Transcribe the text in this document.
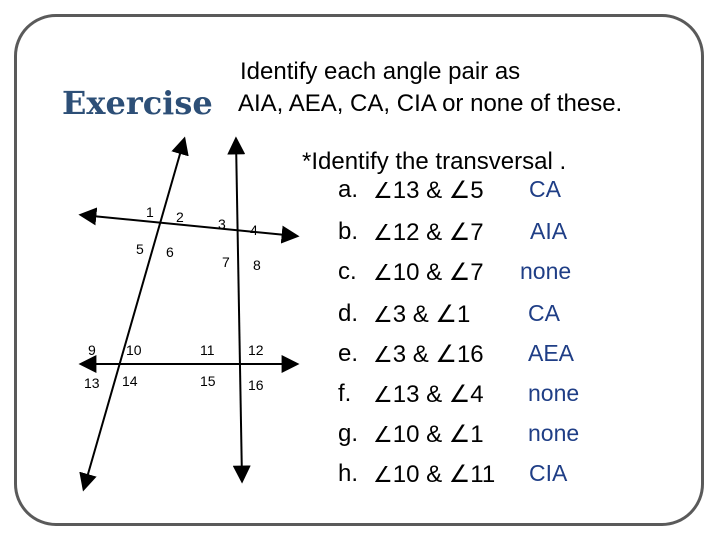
Exercise
Identify each angle pair as
AIA, AEA, CA, CIA or none of these.
*Identify the transversal .
1 2 3 4
5 6
7 8
9 10	11 12
13 14	15 16
a. ∠13 & ∠5 CA
b. ∠12 & ∠7 AIA
c. ∠10 & ∠7 none
d. ∠3 & ∠1	CA
e. ∠3 & ∠16 AEA
f. ∠13 & ∠4 none
g. ∠10 & ∠1 none
h. ∠10 & ∠11 CIA
